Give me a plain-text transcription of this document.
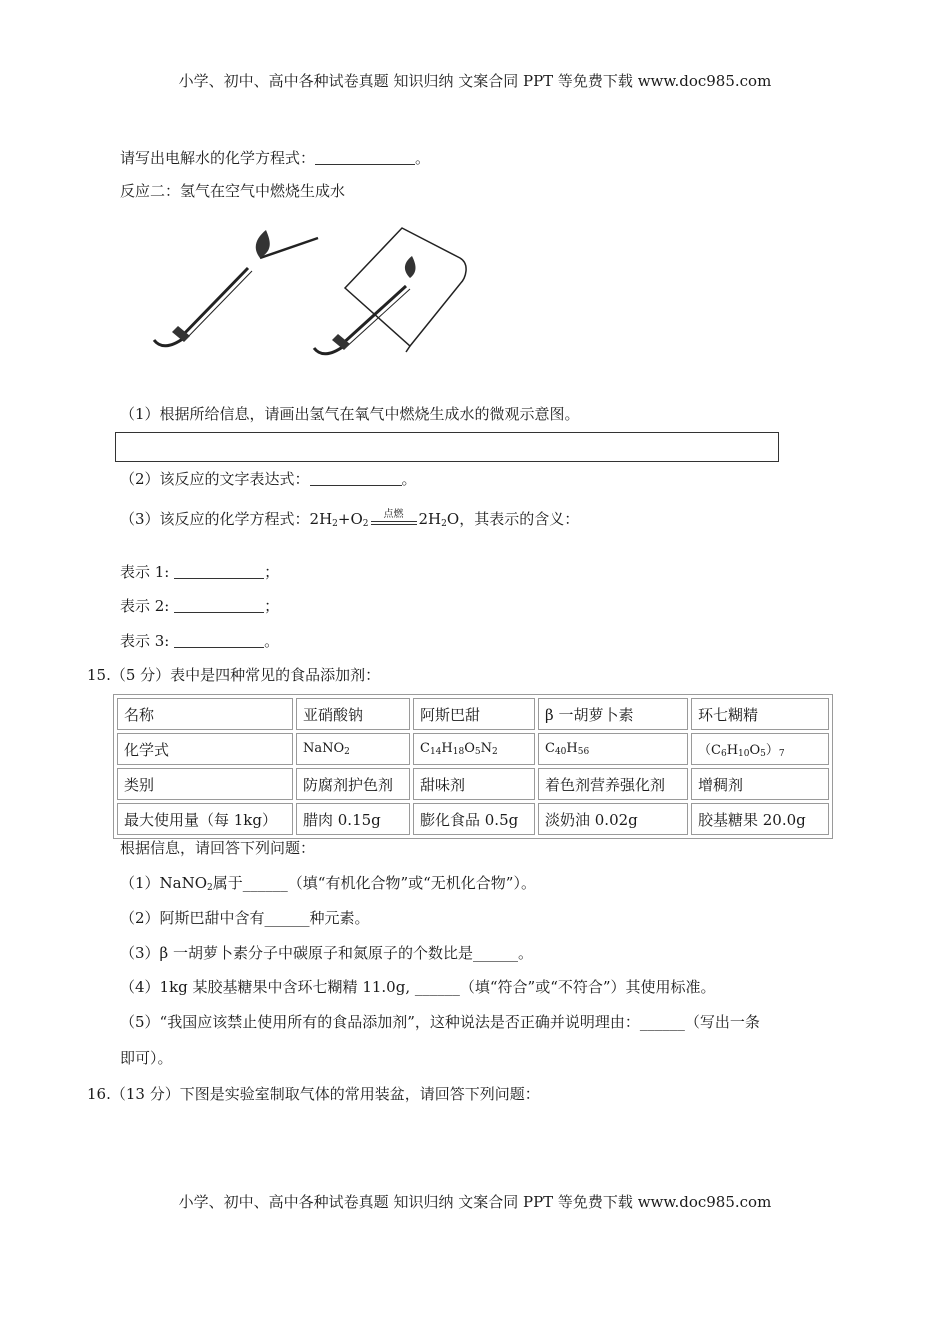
小学、初中、高中各种试卷真题 知识归纳 文案合同 PPT 等免费下载 www.doc985.com
请写出电解水的化学方程式：	。
反应二：氢气在空气中燃烧生成水
（1）根据所给信息，请画出氢气在氧气中燃烧生成水的微观示意图。
（2）该反应的文字表达式：	。
（3）该反应的化学方程式：$2H_2+O_2$
点燃	$2H_2O$，其表示的含义：
表示 1:	；
表示 2:	；
表示 3:	。
15.（5 分）表中是四种常见的食品添加剂：
名称	亚硝酸钠	阿斯巴甜	β 一胡萝卜素	环七糊精
化学式	NaNO$_2$	$C_{14}H_{18}O_5N_2$	$C_{40}H_{56}$	$(C_6H_{10}O_5)_7$
类别	防腐剂护色剂	甜味剂	着色剂营养强化剂	增稠剂
最大使用量（每 1kg）	腊肉 0.15g	膨化食品 0.5g	淡奶油 0.02g	胶基糖果 20.0g
根据信息，请回答下列问题：
（1）NaNO$_2$属于______（填“有机化合物”或“无机化合物”）。
（2）阿斯巴甜中含有______种元素。
（3）β 一胡萝卜素分子中碳原子和氮原子的个数比是______。
（4）1kg 某胶基糖果中含环七糊精 11.0g, ______（填“符合”或“不符合”）其使用标准。
（5）“我国应该禁止使用所有的食品添加剂”，这种说法是否正确并说明理由：______（写出一条
即可）。
16.（13 分）下图是实验室制取气体的常用装盆，请回答下列问题：
小学、初中、高中各种试卷真题 知识归纳 文案合同 PPT 等免费下载 www.doc985.com
